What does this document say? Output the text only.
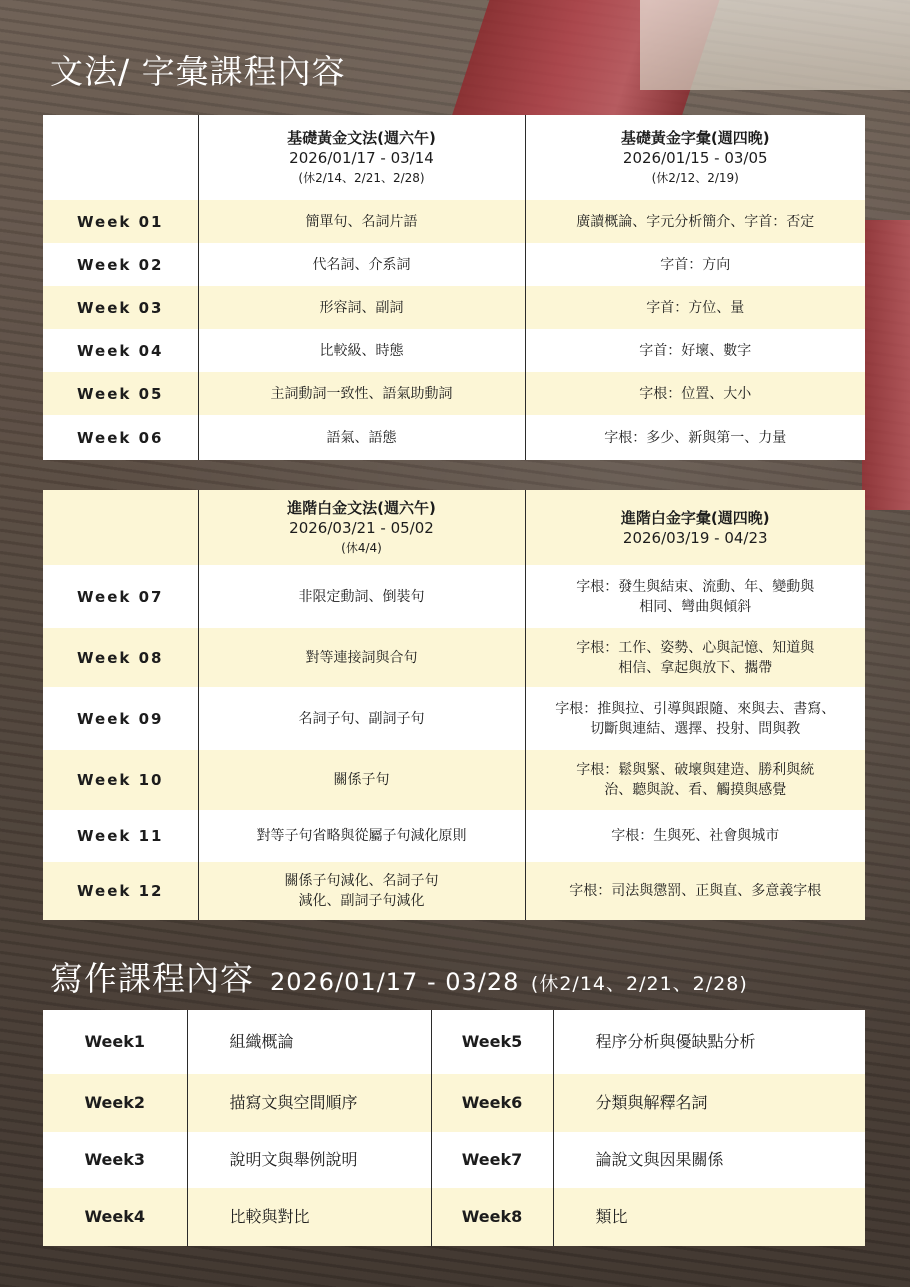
文法/ 字彙課程內容

	基礎黃金文法(週六午)
2026/01/17 - 03/14
(休2/14、2/21、2/28)	基礎黃金字彙(週四晚)
2026/01/15 - 03/05
(休2/12、2/19)

Week 01	簡單句、名詞片語	廣讀概論、字元分析簡介、字首：否定
Week 02	代名詞、介系詞	字首：方向
Week 03	形容詞、副詞	字首：方位、量
Week 04	比較級、時態	字首：好壞、數字
Week 05	主詞動詞一致性、語氣助動詞	字根：位置、大小
Week 06	語氣、語態	字根：多少、新與第一、力量

	進階白金文法(週六午)
2026/03/21 - 05/02
(休4/4)	進階白金字彙(週四晚)
2026/03/19 - 04/23

Week 07	非限定動詞、倒裝句	字根：發生與結束、流動、年、變動與
相同、彎曲與傾斜
Week 08	對等連接詞與合句	字根：工作、姿勢、心與記憶、知道與
相信、拿起與放下、攜帶
Week 09	名詞子句、副詞子句	字根：推與拉、引導與跟隨、來與去、書寫、
切斷與連結、選擇、投射、問與教
Week 10	關係子句	字根：鬆與緊、破壞與建造、勝利與統
治、聽與說、看、觸摸與感覺
Week 11	對等子句省略與從屬子句減化原則	字根：生與死、社會與城市
Week 12	關係子句減化、名詞子句
減化、副詞子句減化	字根：司法與懲罰、正與直、多意義字根
寫作課程內容 2026/01/17 - 03/28 (休2/14、2/21、2/28)
Week1	組織概論	Week5	程序分析與優缺點分析
Week2	描寫文與空間順序	Week6	分類與解釋名詞
Week3	說明文與舉例說明	Week7	論說文與因果關係
Week4	比較與對比	Week8	類比
